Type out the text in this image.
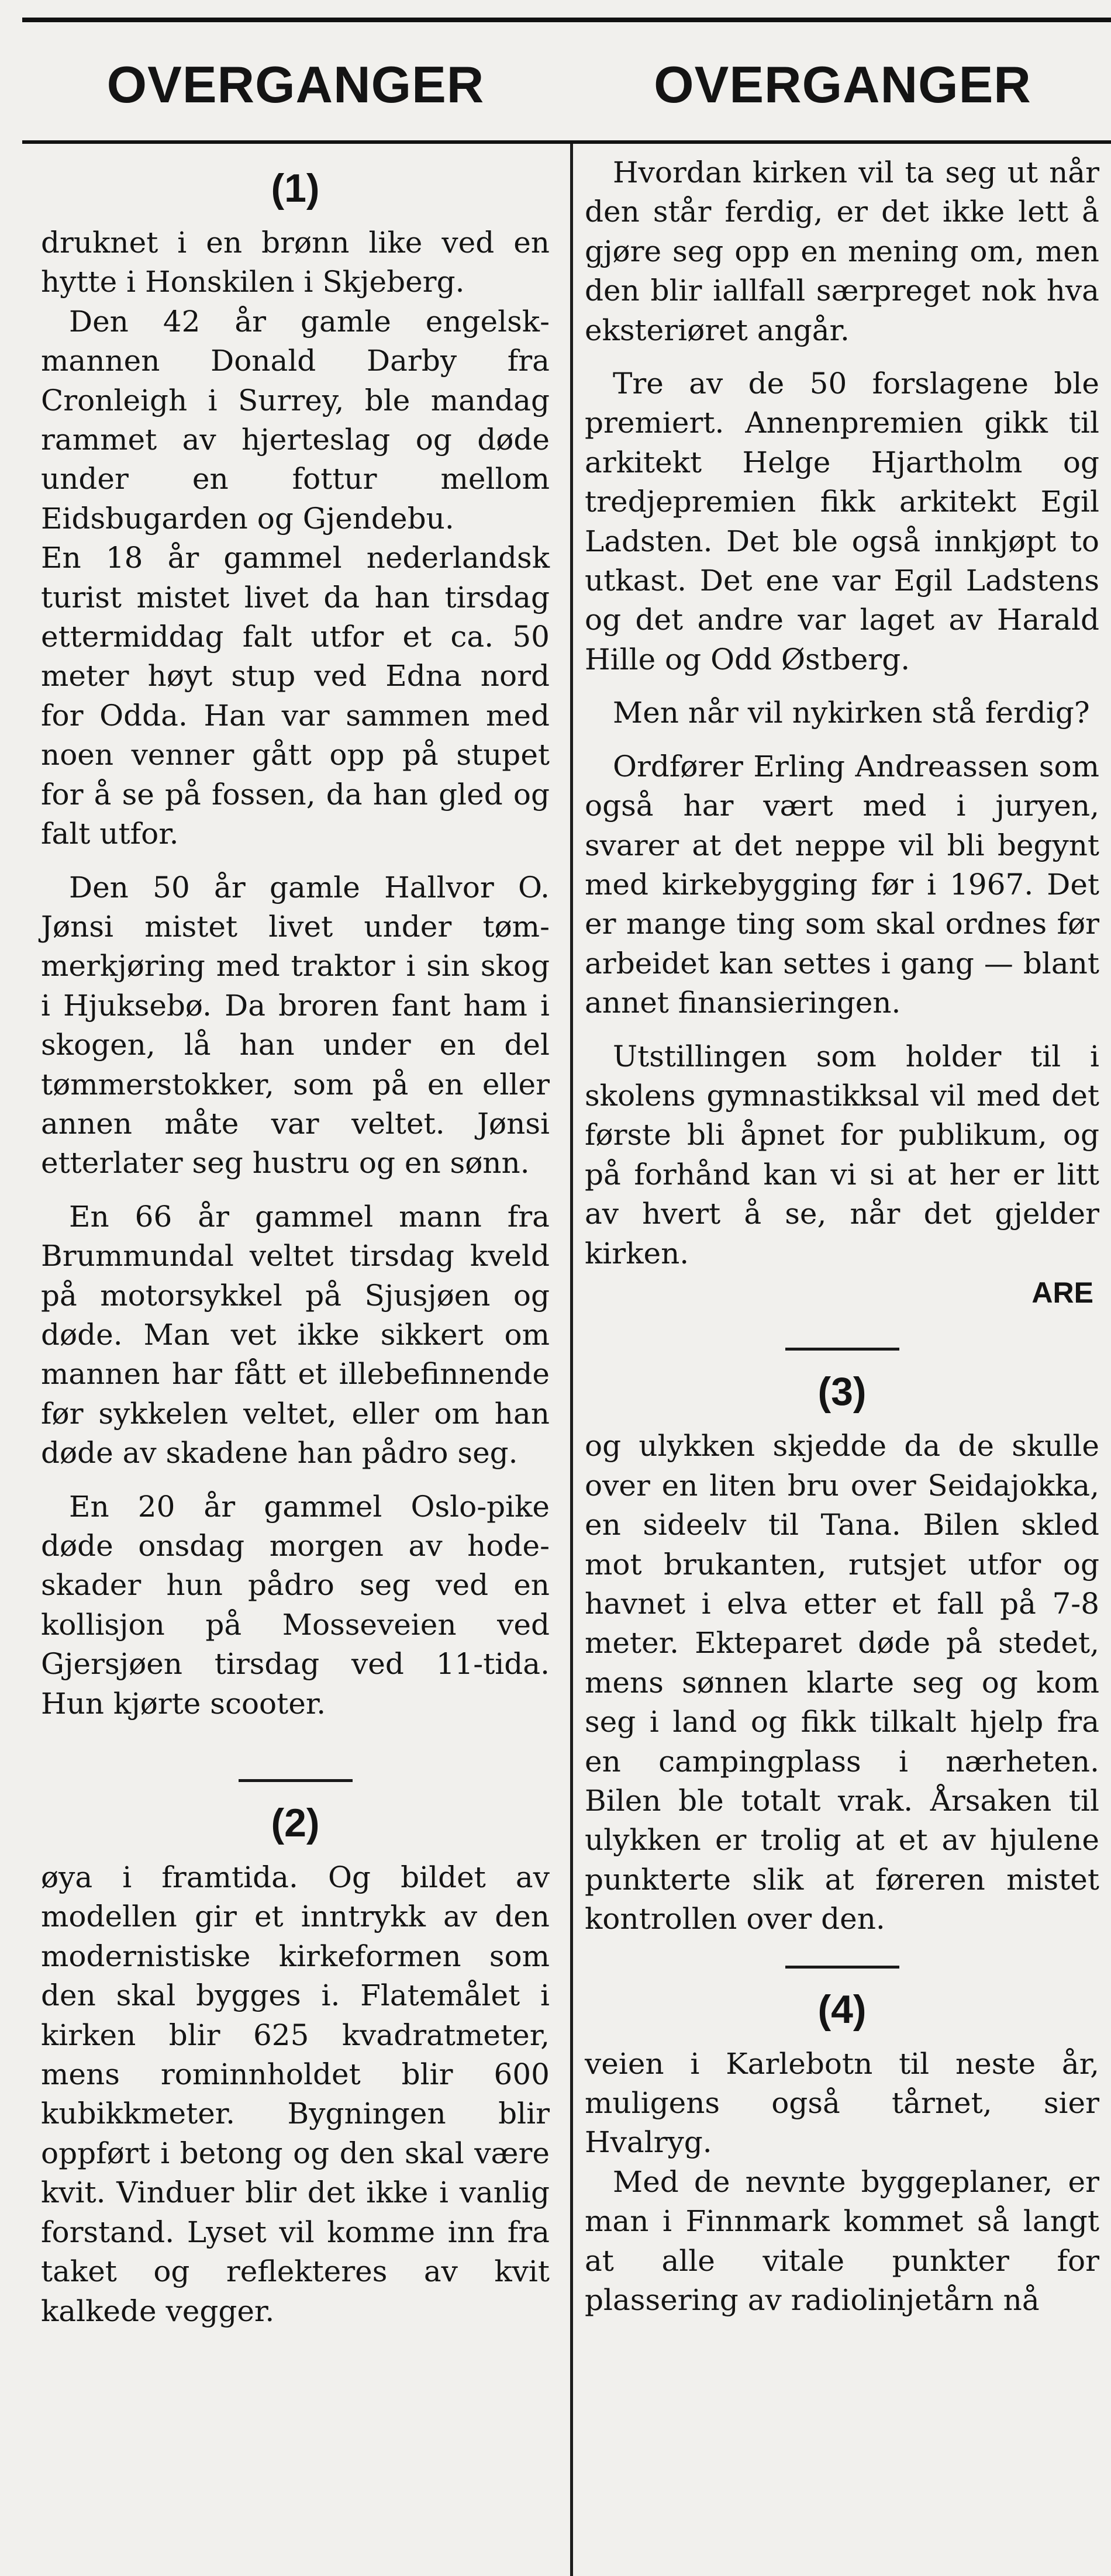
OVERGANGER	OVERGANGER
(1)

druknet i en brønn like ved en hytte i Honskilen i Skjeberg.

Den 42 år gamle engelskmannen Donald Darby fra Cronleigh i Surrey, ble mandag rammet av hjerteslag og døde under en fottur mellom Eidsbugarden og Gjendebu.

En 18 år gammel nederlandsk turist mistet livet da han tirsdag ettermiddag falt utfor et ca. 50 meter høyt stup ved Edna nord for Odda. Han var sammen med noen venner gått opp på stupet for å se på fossen, da han gled og falt utfor.

Den 50 år gamle Hallvor O. Jønsi mistet livet under tømmerkjøring med traktor i sin skog i Hjuksebø. Da broren fant ham i skogen, lå han under en del tømmerstokker, som på en eller annen måte var veltet. Jønsi etterlater seg hustru og en sønn.

En 66 år gammel mann fra Brummundal veltet tirsdag kveld på motorsykkel på Sjusjøen og døde. Man vet ikke sikkert om mannen har fått et illebefinnende før sykkelen veltet, eller om han døde av skadene han pådro seg.

En 20 år gammel Oslo-pike døde onsdag morgen av hodeskader hun pådro seg ved en kollisjon på Mosseveien ved Gjersjøen tirsdag ved 11-tida. Hun kjørte scooter.

(2)

øya i framtida. Og bildet av modellen gir et inntrykk av den modernistiske kirkeformen som den skal bygges i. Flatemålet i kirken blir 625 kvadratmeter, mens rominnholdet blir 600 kubikkmeter. Bygningen blir oppført i betong og den skal være kvit. Vinduer blir det ikke i vanlig forstand. Lyset vil komme inn fra taket og reflekteres av kvit kalkede vegger.

Hvordan kirken vil ta seg ut når den står ferdig, er det ikke lett å gjøre seg opp en mening om, men den blir iallfall særpreget nok hva eksteriøret angår.

Tre av de 50 forslagene ble premiert. Annenpremien gikk til arkitekt Helge Hjartholm og tredjepremien fikk arkitekt Egil Ladsten. Det ble også innkjøpt to utkast. Det ene var Egil Ladstens og det andre var laget av Harald Hille og Odd Østberg.

Men når vil nykirken stå ferdig?

Ordfører Erling Andreassen som også har vært med i juryen, svarer at det neppe vil bli begynt med kirkebygging før i 1967. Det er mange ting som skal ordnes før arbeidet kan settes i gang — blant annet finansieringen.

Utstillingen som holder til i skolens gymnastikksal vil med det første bli åpnet for publikum, og på forhånd kan vi si at her er litt av hvert å se, når det gjelder kirken.

ARE
(3)

og ulykken skjedde da de skulle over en liten bru over Seidajokka, en sideelv til Tana. Bilen skled mot brukanten, rutsjet utfor og havnet i elva etter et fall på 7-8 meter. Ekteparet døde på stedet, mens sønnen klarte seg og kom seg i land og fikk tilkalt hjelp fra en campingplass i nærheten. Bilen ble totalt vrak. Årsaken til ulykken er trolig at et av hjulene punkterte slik at føreren mistet kontrollen over den.

(4)

veien i Karlebotn til neste år, muligens også tårnet, sier Hvalryg.

Med de nevnte byggeplaner, er man i Finnmark kommet så langt at alle vitale punkter for plassering av radiolinjetårn nå
